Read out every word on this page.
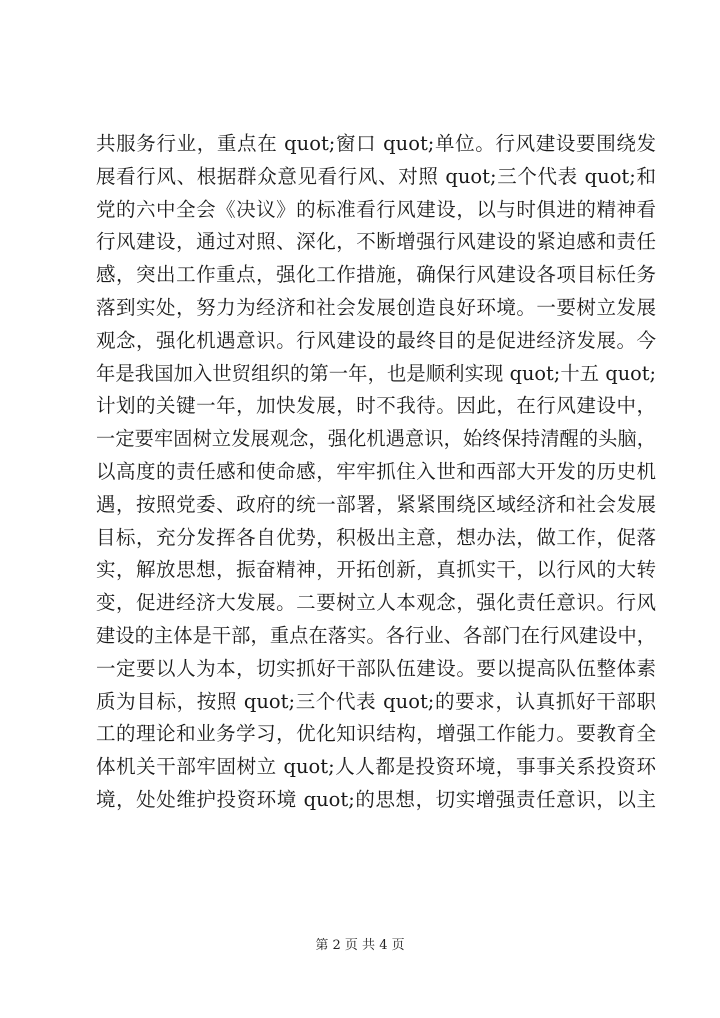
共服务行业，重点在 quot;窗口 quot;单位。行风建设要围绕发
展看行风、根据群众意见看行风、对照 quot;三个代表 quot;和
党的六中全会《决议》的标准看行风建设，以与时俱进的精神看
行风建设，通过对照、深化，不断增强行风建设的紧迫感和责任
感，突出工作重点，强化工作措施，确保行风建设各项目标任务
落到实处，努力为经济和社会发展创造良好环境。一要树立发展
观念，强化机遇意识。行风建设的最终目的是促进经济发展。今
年是我国加入世贸组织的第一年，也是顺利实现 quot;十五 quot;
计划的关键一年，加快发展，时不我待。因此，在行风建设中，
一定要牢固树立发展观念，强化机遇意识，始终保持清醒的头脑，
以高度的责任感和使命感，牢牢抓住入世和西部大开发的历史机
遇，按照党委、政府的统一部署，紧紧围绕区域经济和社会发展
目标，充分发挥各自优势，积极出主意，想办法，做工作，促落
实，解放思想，振奋精神，开拓创新，真抓实干，以行风的大转
变，促进经济大发展。二要树立人本观念，强化责任意识。行风
建设的主体是干部，重点在落实。各行业、各部门在行风建设中，
一定要以人为本，切实抓好干部队伍建设。要以提高队伍整体素
质为目标，按照 quot;三个代表 quot;的要求，认真抓好干部职
工的理论和业务学习，优化知识结构，增强工作能力。要教育全
体机关干部牢固树立 quot;人人都是投资环境，事事关系投资环
境，处处维护投资环境 quot;的思想，切实增强责任意识，以主
第 2 页 共 4 页
